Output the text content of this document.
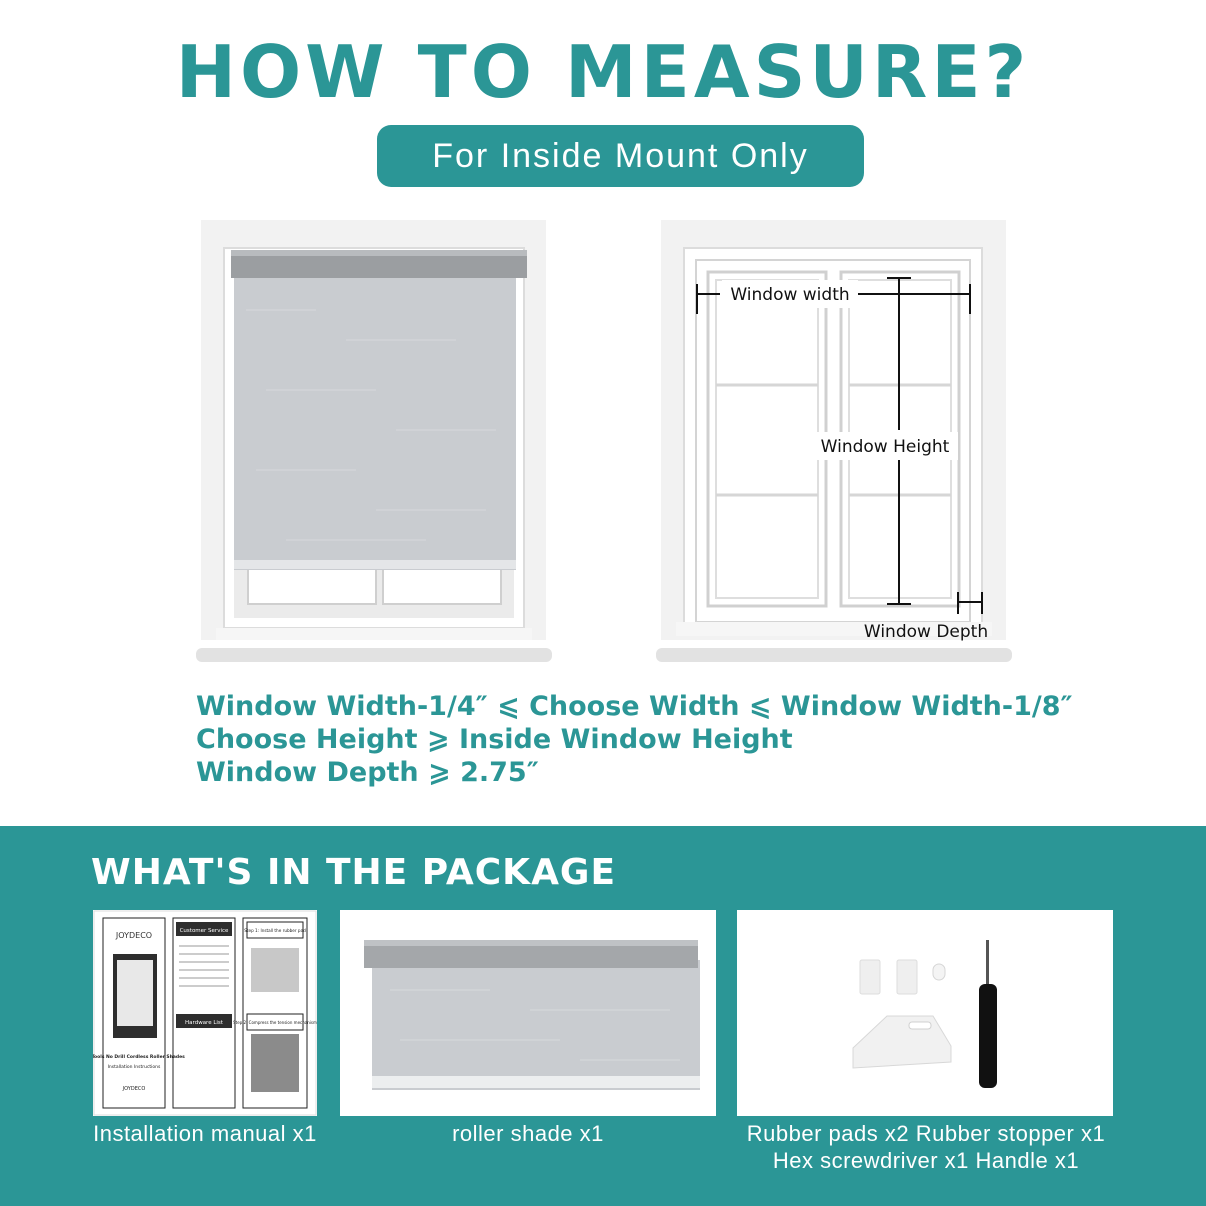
HOW TO MEASURE?
For Inside Mount Only
Window width
Window Height
Window Depth
Window Width-1/4″ ⩽ Choose Width ⩽ Window Width-1/8″
Choose Height ⩾ Inside Window Height
Window Depth ⩾ 2.75″
WHAT'S IN THE PACKAGE
JOYDECO
No Tools No Drill Cordless Roller Shades
Installation Instructions
JOYDECO
Customer Service
Hardware List
Step 1: Install the rubber pad
Step 2: Compress the tension mechanism
Installation manual x1	roller shade x1	Rubber pads x2 Rubber stopper x1
Hex screwdriver x1 Handle x1
